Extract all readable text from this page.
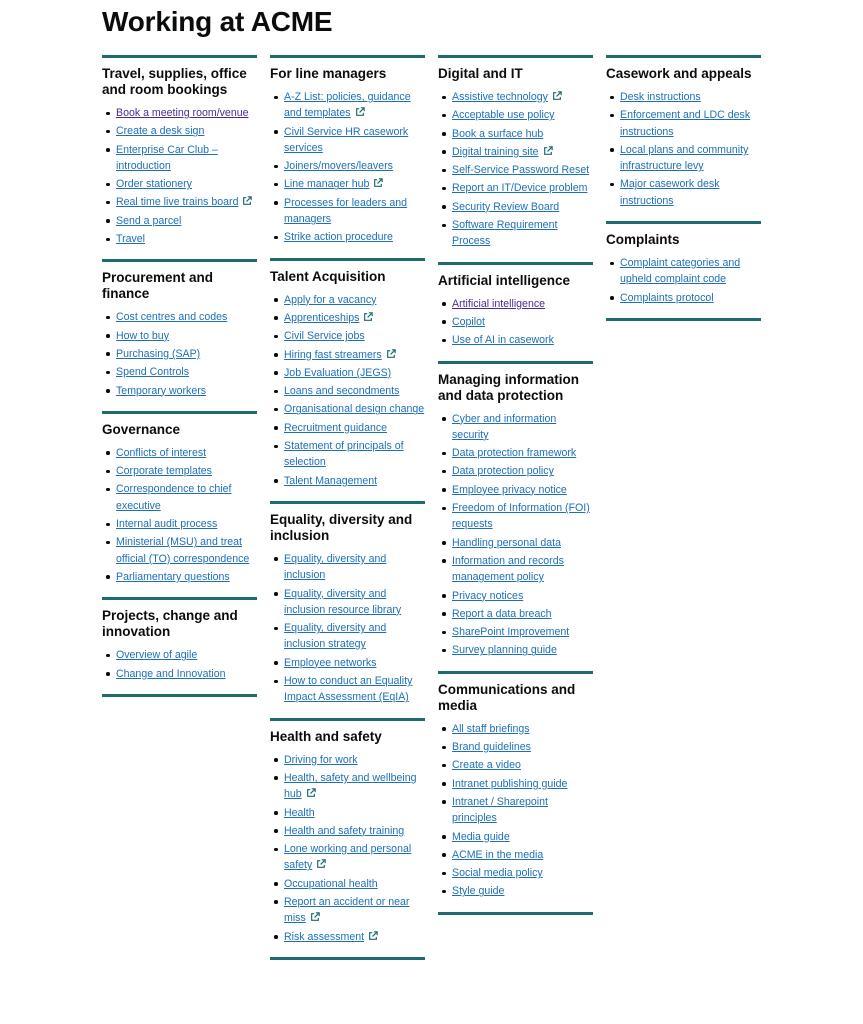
Working at ACME
Travel, supplies, office and room bookings
Book a meeting room/venue
Create a desk sign
Enterprise Car Club – introduction
Order stationery
Real time live trains board
Send a parcel
Travel
Procurement and finance
Cost centres and codes
How to buy
Purchasing (SAP)
Spend Controls
Temporary workers
Governance
Conflicts of interest
Corporate templates
Correspondence to chief executive
Internal audit process
Ministerial (MSU) and treat official (TO) correspondence
Parliamentary questions
Projects, change and innovation
Overview of agile
Change and Innovation
For line managers
A-Z List: policies, guidance and templates
Civil Service HR casework services
Joiners/movers/leavers
Line manager hub
Processes for leaders and managers
Strike action procedure
Talent Acquisition
Apply for a vacancy
Apprenticeships
Civil Service jobs
Hiring fast streamers
Job Evaluation (JEGS)
Loans and secondments
Organisational design change
Recruitment guidance
Statement of principals of selection
Talent Management
Equality, diversity and inclusion
Equality, diversity and inclusion
Equality, diversity and inclusion resource library
Equality, diversity and inclusion strategy
Employee networks
How to conduct an Equality Impact Assessment (EqIA)
Health and safety
Driving for work
Health, safety and wellbeing hub
Health
Health and safety training
Lone working and personal safety
Occupational health
Report an accident or near miss
Risk assessment
Digital and IT
Assistive technology
Acceptable use policy
Book a surface hub
Digital training site
Self-Service Password Reset
Report an IT/Device problem
Security Review Board
Software Requirement Process
Artificial intelligence
Artificial intelligence
Copilot
Use of AI in casework
Managing information and data protection
Cyber and information security
Data protection framework
Data protection policy
Employee privacy notice
Freedom of Information (FOI) requests
Handling personal data
Information and records management policy
Privacy notices
Report a data breach
SharePoint Improvement
Survey planning guide
Communications and media
All staff briefings
Brand guidelines
Create a video
Intranet publishing guide
Intranet / Sharepoint principles
Media guide
ACME in the media
Social media policy
Style guide
Casework and appeals
Desk instructions
Enforcement and LDC desk instructions
Local plans and community infrastructure levy
Major casework desk instructions
Complaints
Complaint categories and upheld complaint code
Complaints protocol
